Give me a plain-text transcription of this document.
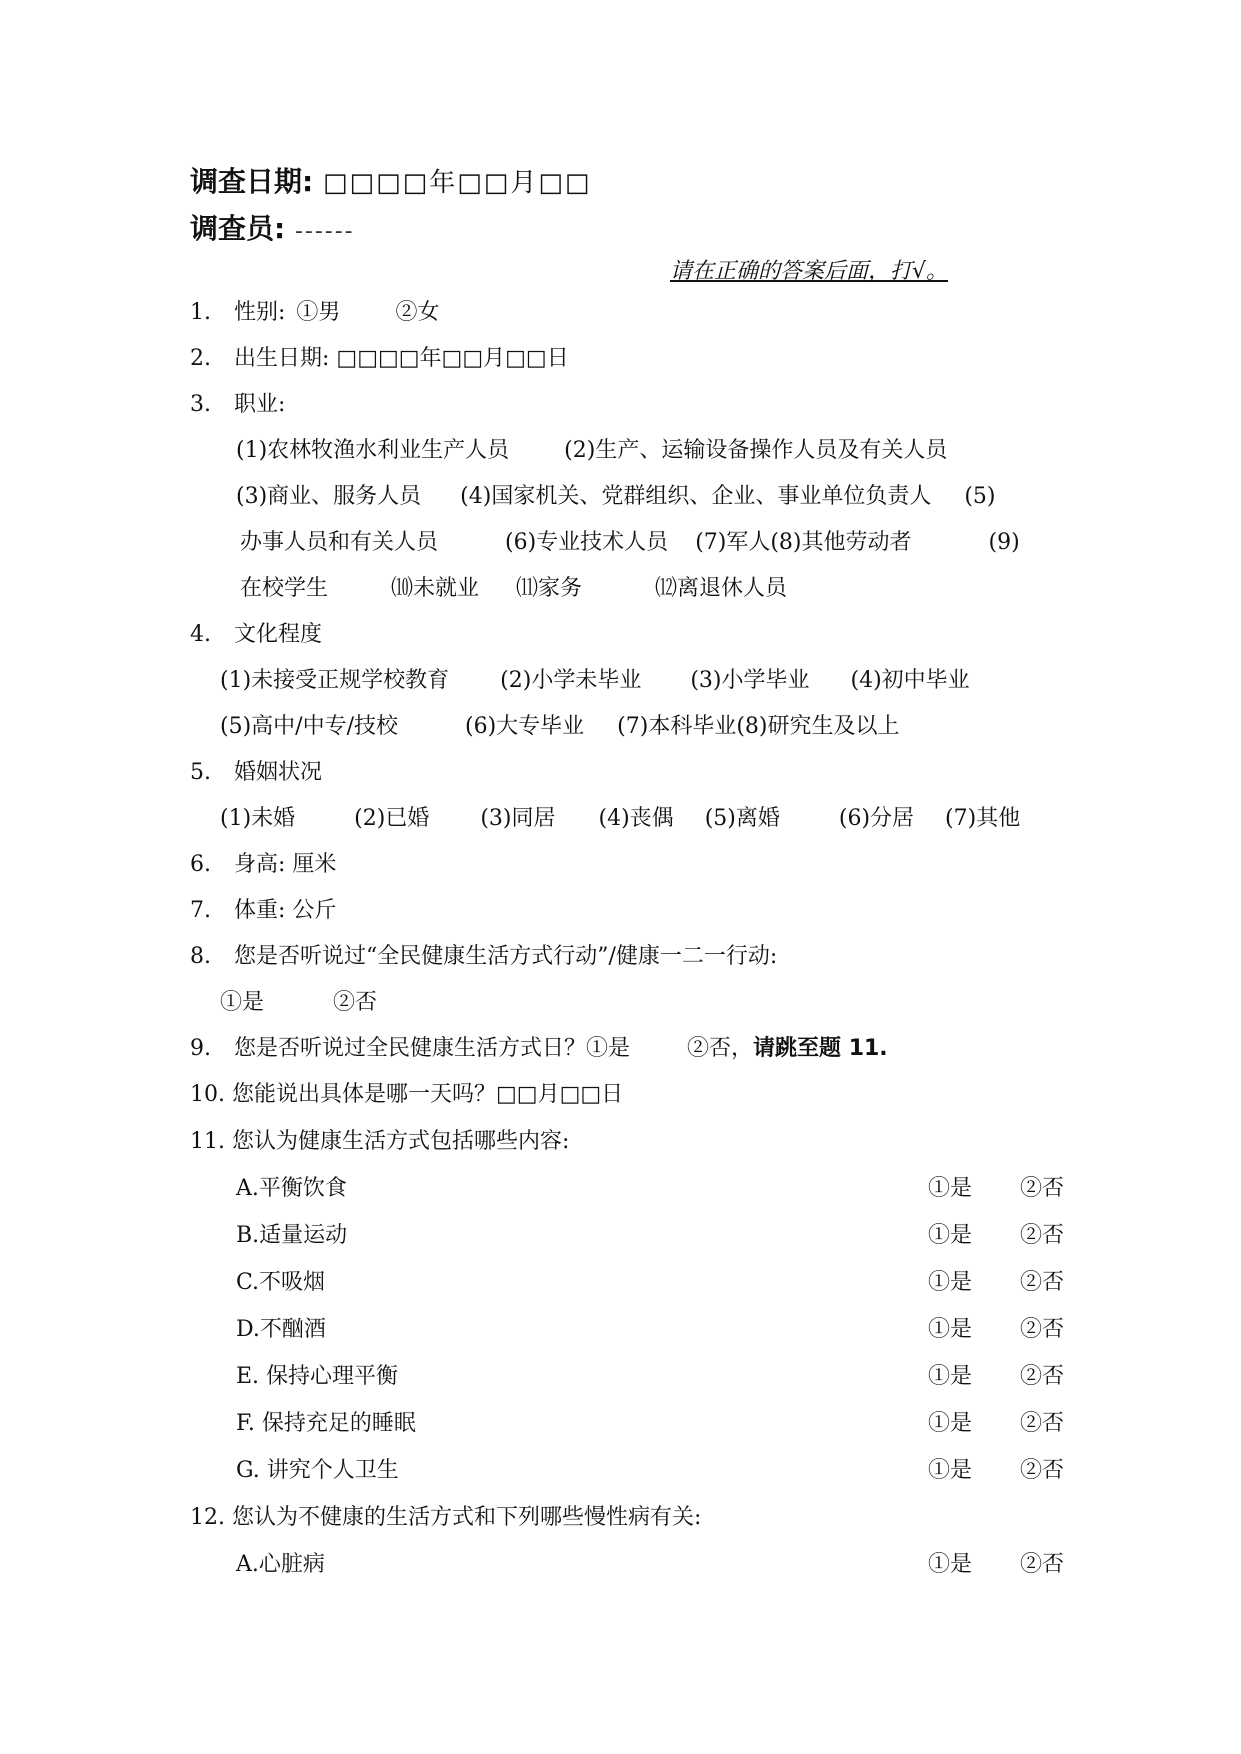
调查日期: □□□□年□□月□□
调查员: ------
请在正确的答案后面，打√。
1. 性别: ①男	②女
2. 出生日期: □□□□年□□月□□日
3. 职业:
(1)农林牧渔水利业生产人员	(2)生产、运输设备操作人员及有关人员
(3)商业、服务人员 (4)国家机关、党群组织、企业、事业单位负责人 (5)
办事人员和有关人员	(6)专业技术人员 (7)军人(8)其他劳动者	(9)
在校学生	⑽未就业 ⑾家务	⑿离退休人员
4. 文化程度
(1)未接受正规学校教育 (2)小学未毕业 (3)小学毕业 (4)初中毕业
(5)高中/中专/技校	(6)大专毕业 (7)本科毕业(8)研究生及以上
5. 婚姻状况
(1)未婚	(2)已婚 (3)同居 (4)丧偶 (5)离婚	(6)分居 (7)其他
6. 身高: 厘米
7. 体重: 公斤
8. 您是否听说过“全民健康生活方式行动”/健康一二一行动:
①是	②否
9. 您是否听说过全民健康生活方式日？①是	②否，请跳至题 11.
10. 您能说出具体是哪一天吗？□□月□□日
11. 您认为健康生活方式包括哪些内容:
A.平衡饮食	①是 ②否
B.适量运动	①是 ②否
C.不吸烟	①是 ②否
D.不酗酒	①是 ②否
E. 保持心理平衡	①是 ②否
F. 保持充足的睡眠	①是 ②否
G. 讲究个人卫生	①是 ②否
12. 您认为不健康的生活方式和下列哪些慢性病有关:
A.心脏病	①是 ②否
